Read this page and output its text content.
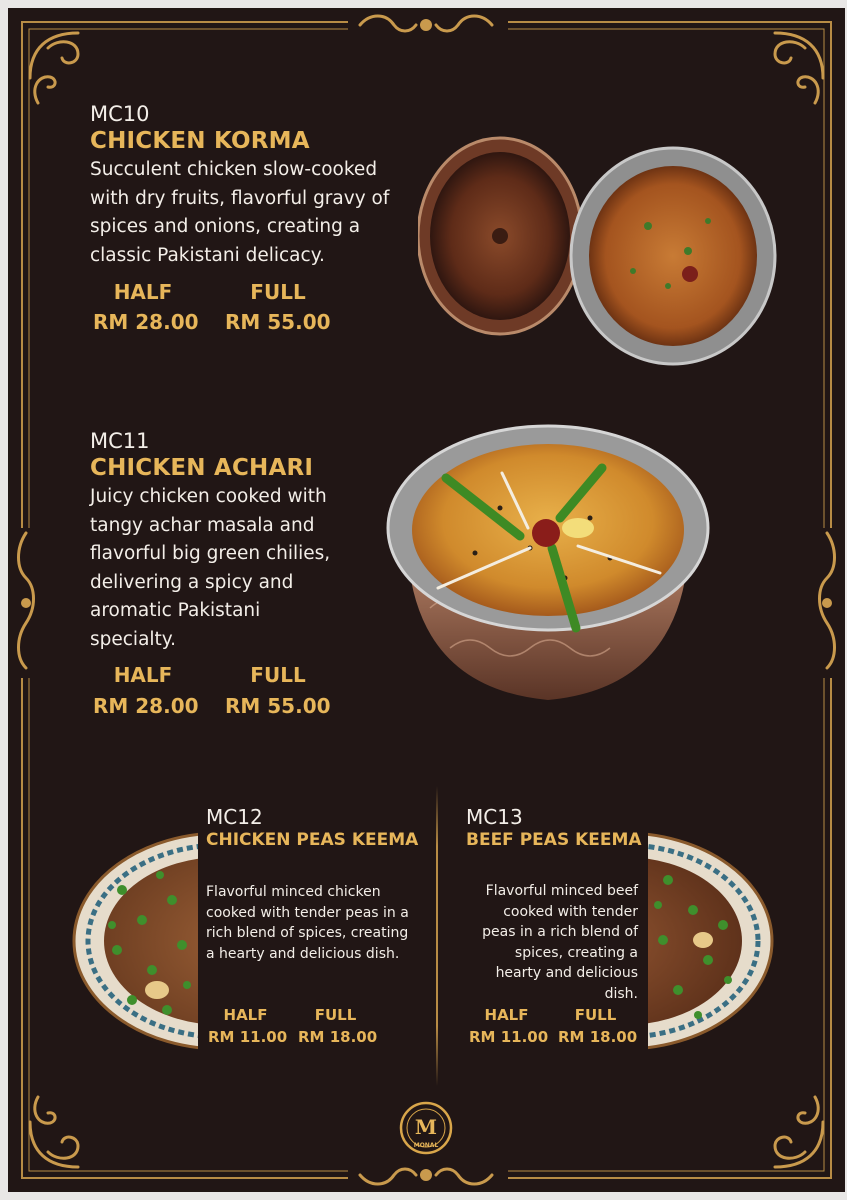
MC10
CHICKEN KORMA
Succulent chicken slow-cooked
with dry fruits, flavorful gravy of
spices and onions, creating a
classic Pakistani delicacy.
HALF	FULL
RM 28.00 RM 55.00
MC11
CHICKEN ACHARI
Juicy chicken cooked with
tangy achar masala and
flavorful big green chilies,
delivering a spicy and
aromatic Pakistani
specialty.
HALF	FULL
RM 28.00 RM 55.00
MC12
CHICKEN PEAS KEEMA
Flavorful minced chicken
cooked with tender peas in a
rich blend of spices, creating
a hearty and delicious dish.
HALF	FULL
RM 11.00 RM 18.00
MC13
BEEF PEAS KEEMA
Flavorful minced beef
cooked with tender
peas in a rich blend of
spices, creating a
hearty and delicious
dish.
HALF	FULL
RM 11.00 RM 18.00
M
MONAL
